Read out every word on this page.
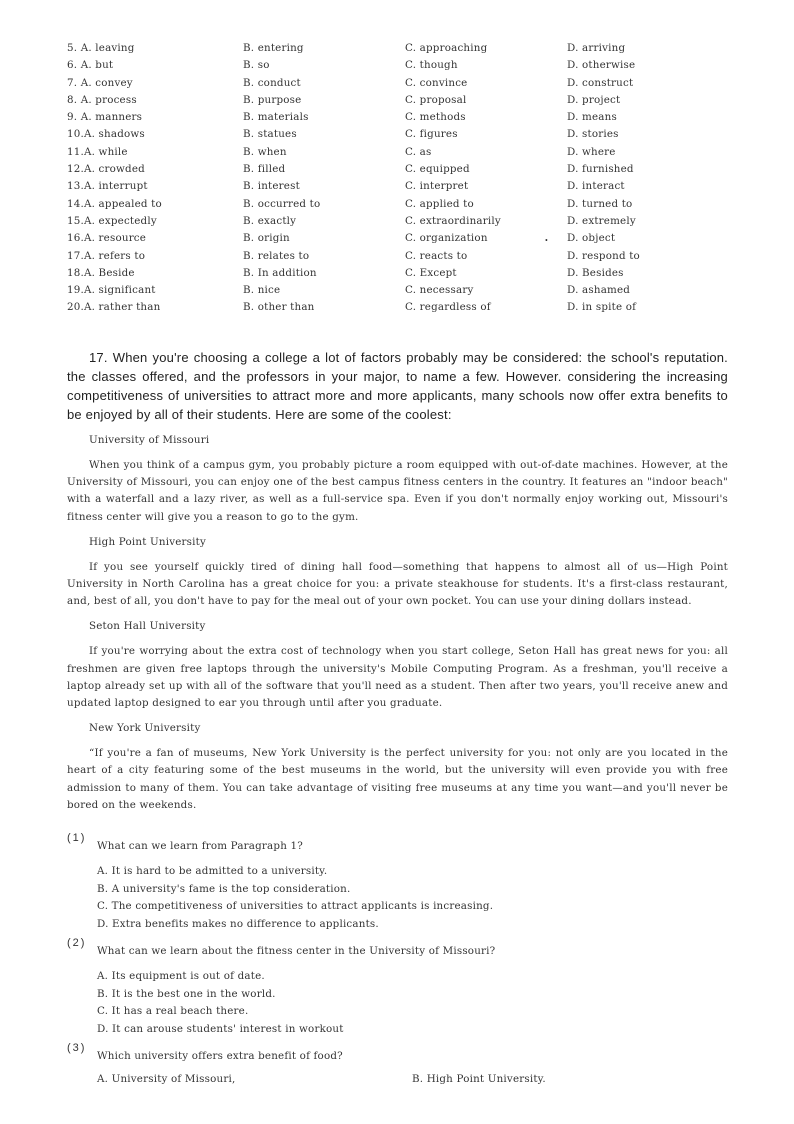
5. A. leaving	B. entering	C. approaching	D. arriving
6. A. but	B. so	C. though	D. otherwise
7. A. convey	B. conduct	C. convince	D. construct
8. A. process	B. purpose	C. proposal	D. project
9. A. manners	B. materials	C. methods	D. means
10.A. shadows	B. statues	C. figures	D. stories
11.A. while	B. when	C. as	D. where
12.A. crowded	B. filled	C. equipped	D. furnished
13.A. interrupt	B. interest	C. interpret	D. interact
14.A. appealed to	B. occurred to	C. applied to	D. turned to
15.A. expectedly	B. exactly	C. extraordinarily	D. extremely
16.A. resource	B. origin	C. organization	D. object
17.A. refers to	B. relates to	C. reacts to	D. respond to
18.A. Beside	B. In addition	C. Except	D. Besides
19.A. significant	B. nice	C. necessary	D. ashamed
20.A. rather than	B. other than	C. regardless of	D. in spite of
•

17. When you're choosing a college a lot of factors probably may be considered: the school's reputation. the classes offered, and the professors in your major, to name a few. However. considering the increasing competitiveness of universities to attract more and more applicants, many schools now offer extra benefits to be enjoyed by all of their students. Here are some of the coolest:

University of Missouri

When you think of a campus gym, you probably picture a room equipped with out-of-date machines. However, at the University of Missouri, you can enjoy one of the best campus fitness centers in the country. It features an "indoor beach" with a waterfall and a lazy river, as well as a full-service spa. Even if you don't normally enjoy working out, Missouri's fitness center will give you a reason to go to the gym.

High Point University

If you see yourself quickly tired of dining hall food—something that happens to almost all of us—High Point University in North Carolina has a great choice for you: a private steakhouse for students. It's a first-class restaurant, and, best of all, you don't have to pay for the meal out of your own pocket. You can use your dining dollars instead.

Seton Hall University

If you're worrying about the extra cost of technology when you start college, Seton Hall has great news for you: all freshmen are given free laptops through the university's Mobile Computing Program. As a freshman, you'll receive a laptop already set up with all of the software that you'll need as a student. Then after two years, you'll receive anew and updated laptop designed to ear you through until after you graduate.

New York University

“If you're a fan of museums, New York University is the perfect university for you: not only are you located in the heart of a city featuring some of the best museums in the world, but the university will even provide you with free admission to many of them. You can take advantage of visiting free museums at any time you want—and you'll never be bored on the weekends.

(1)
What can we learn from Paragraph 1?
A. It is hard to be admitted to a university.
B. A university's fame is the top consideration.
C. The competitiveness of universities to attract applicants is increasing.
D. Extra benefits makes no difference to applicants.
(2)
What can we learn about the fitness center in the University of Missouri?
A. Its equipment is out of date.
B. It is the best one in the world.
C. It has a real beach there.
D. It can arouse students' interest in workout
(3)
Which university offers extra benefit of food?
A. University of Missouri,	B. High Point University.
